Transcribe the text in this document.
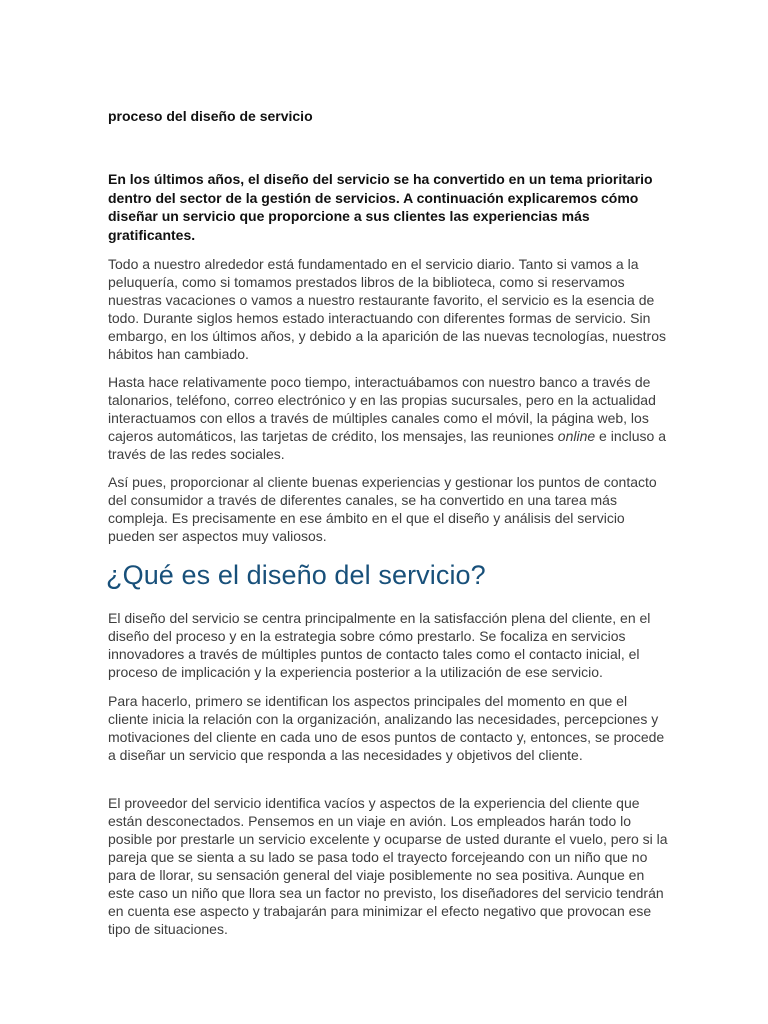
proceso del diseño de servicio

En los últimos años, el diseño del servicio se ha convertido en un tema prioritario dentro del sector de la gestión de servicios. A continuación explicaremos cómo diseñar un servicio que proporcione a sus clientes las experiencias más gratificantes.

Todo a nuestro alrededor está fundamentado en el servicio diario. Tanto si vamos a la peluquería, como si tomamos prestados libros de la biblioteca, como si reservamos nuestras vacaciones o vamos a nuestro restaurante favorito, el servicio es la esencia de todo. Durante siglos hemos estado interactuando con diferentes formas de servicio. Sin embargo, en los últimos años, y debido a la aparición de las nuevas tecnologías, nuestros hábitos han cambiado.

Hasta hace relativamente poco tiempo, interactuábamos con nuestro banco a través de talonarios, teléfono, correo electrónico y en las propias sucursales, pero en la actualidad interactuamos con ellos a través de múltiples canales como el móvil, la página web, los cajeros automáticos, las tarjetas de crédito, los mensajes, las reuniones online e incluso a través de las redes sociales.

Así pues, proporcionar al cliente buenas experiencias y gestionar los puntos de contacto del consumidor a través de diferentes canales, se ha convertido en una tarea más compleja. Es precisamente en ese ámbito en el que el diseño y análisis del servicio pueden ser aspectos muy valiosos.

¿Qué es el diseño del servicio?

El diseño del servicio se centra principalmente en la satisfacción plena del cliente, en el diseño del proceso y en la estrategia sobre cómo prestarlo. Se focaliza en servicios innovadores a través de múltiples puntos de contacto tales como el contacto inicial, el proceso de implicación y la experiencia posterior a la utilización de ese servicio.

Para hacerlo, primero se identifican los aspectos principales del momento en que el cliente inicia la relación con la organización, analizando las necesidades, percepciones y motivaciones del cliente en cada uno de esos puntos de contacto y, entonces, se procede a diseñar un servicio que responda a las necesidades y objetivos del cliente.

El proveedor del servicio identifica vacíos y aspectos de la experiencia del cliente que están desconectados. Pensemos en un viaje en avión. Los empleados harán todo lo posible por prestarle un servicio excelente y ocuparse de usted durante el vuelo, pero si la pareja que se sienta a su lado se pasa todo el trayecto forcejeando con un niño que no para de llorar, su sensación general del viaje posiblemente no sea positiva. Aunque en este caso un niño que llora sea un factor no previsto, los diseñadores del servicio tendrán en cuenta ese aspecto y trabajarán para minimizar el efecto negativo que provocan ese tipo de situaciones.
